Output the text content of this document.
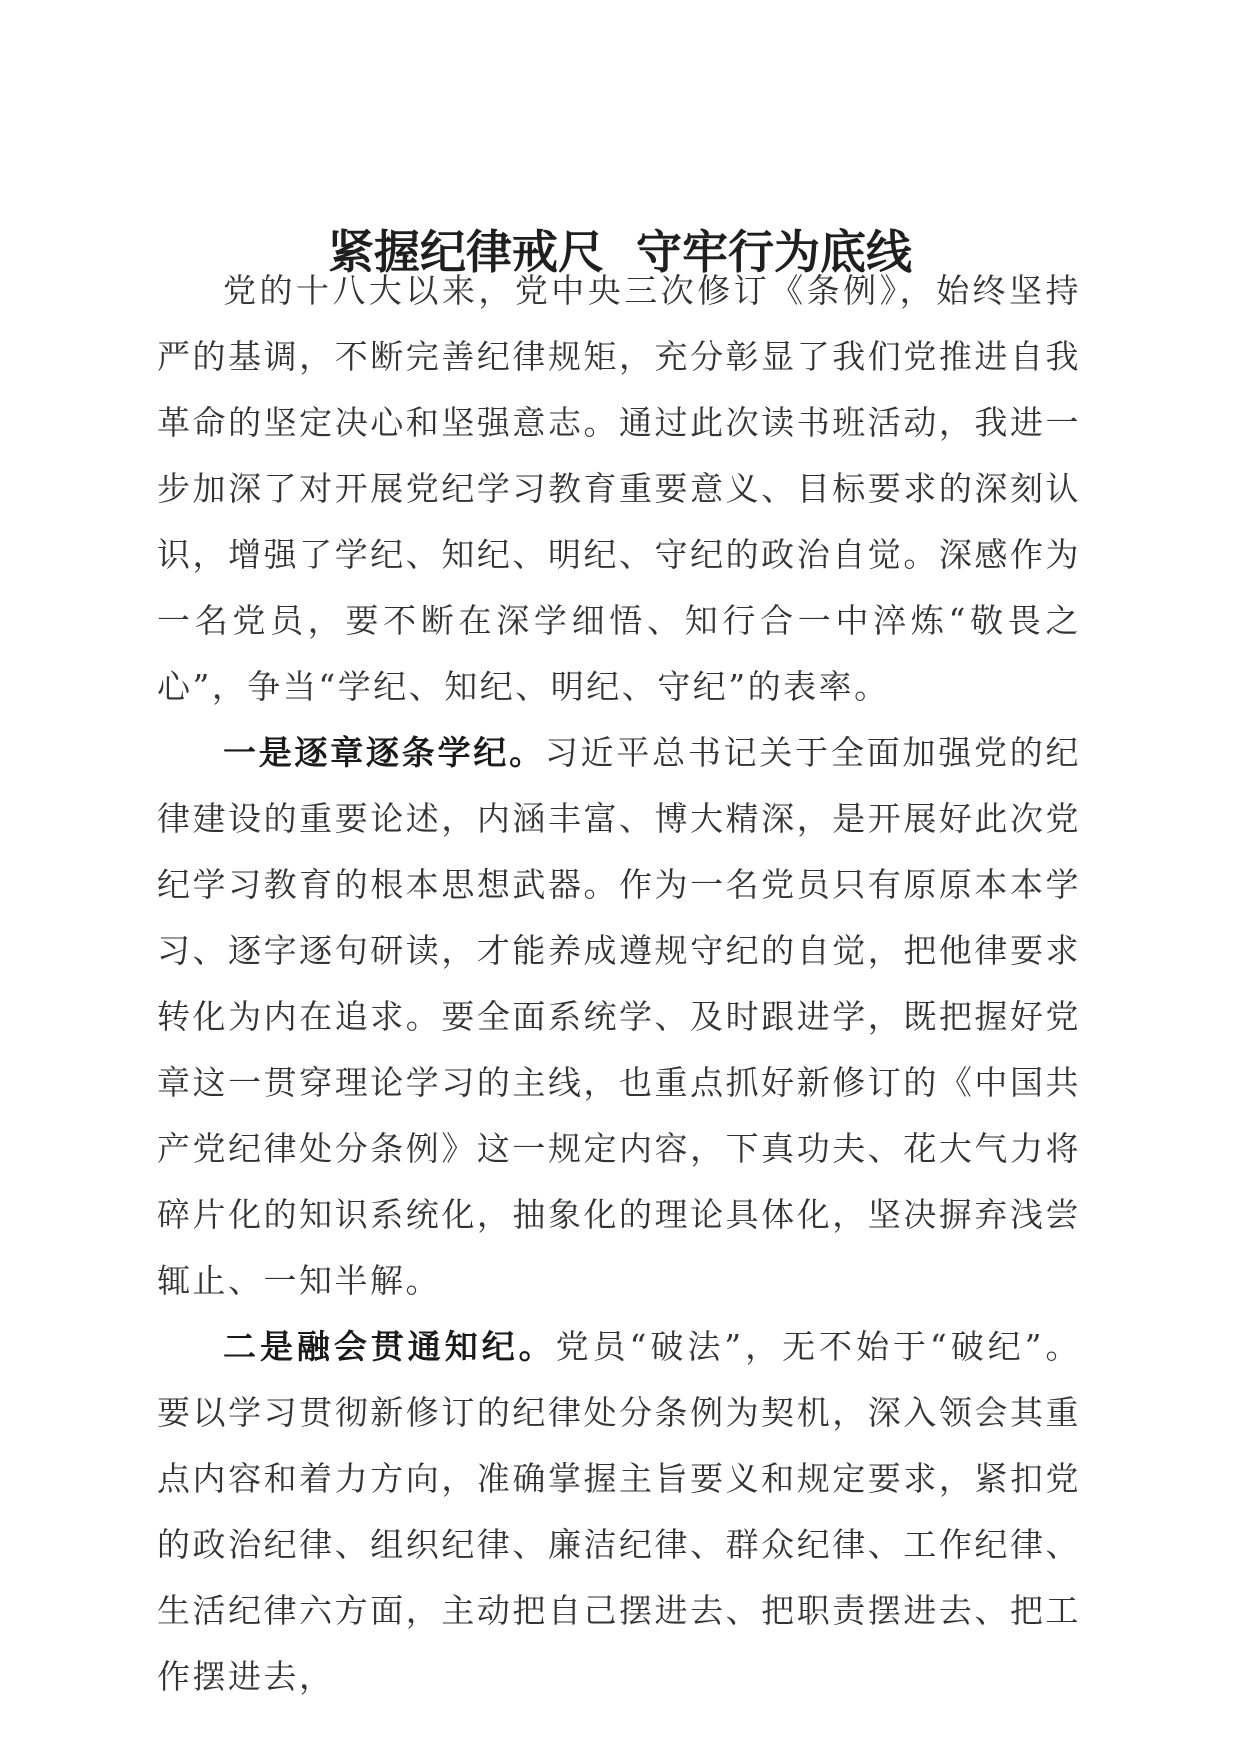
紧握纪律戒尺  守牢行为底线

党的十八大以来，党中央三次修订《条例》，始终坚持严的基调，不断完善纪律规矩，充分彰显了我们党推进自我革命的坚定决心和坚强意志。通过此次读书班活动，我进一步加深了对开展党纪学习教育重要意义、目标要求的深刻认识，增强了学纪、知纪、明纪、守纪的政治自觉。深感作为一名党员，要不断在深学细悟、知行合一中淬炼“敬畏之心”，争当“学纪、知纪、明纪、守纪”的表率。

一是逐章逐条学纪。习近平总书记关于全面加强党的纪律建设的重要论述，内涵丰富、博大精深，是开展好此次党纪学习教育的根本思想武器。作为一名党员只有原原本本学习、逐字逐句研读，才能养成遵规守纪的自觉，把他律要求转化为内在追求。要全面系统学、及时跟进学，既把握好党章这一贯穿理论学习的主线，也重点抓好新修订的《中国共产党纪律处分条例》这一规定内容，下真功夫、花大气力将碎片化的知识系统化，抽象化的理论具体化，坚决摒弃浅尝辄止、一知半解。

二是融会贯通知纪。党员“破法”，无不始于“破纪”。要以学习贯彻新修订的纪律处分条例为契机，深入领会其重点内容和着力方向，准确掌握主旨要义和规定要求，紧扣党的政治纪律、组织纪律、廉洁纪律、群众纪律、工作纪律、生活纪律六方面，主动把自己摆进去、把职责摆进去、把工作摆进去，
